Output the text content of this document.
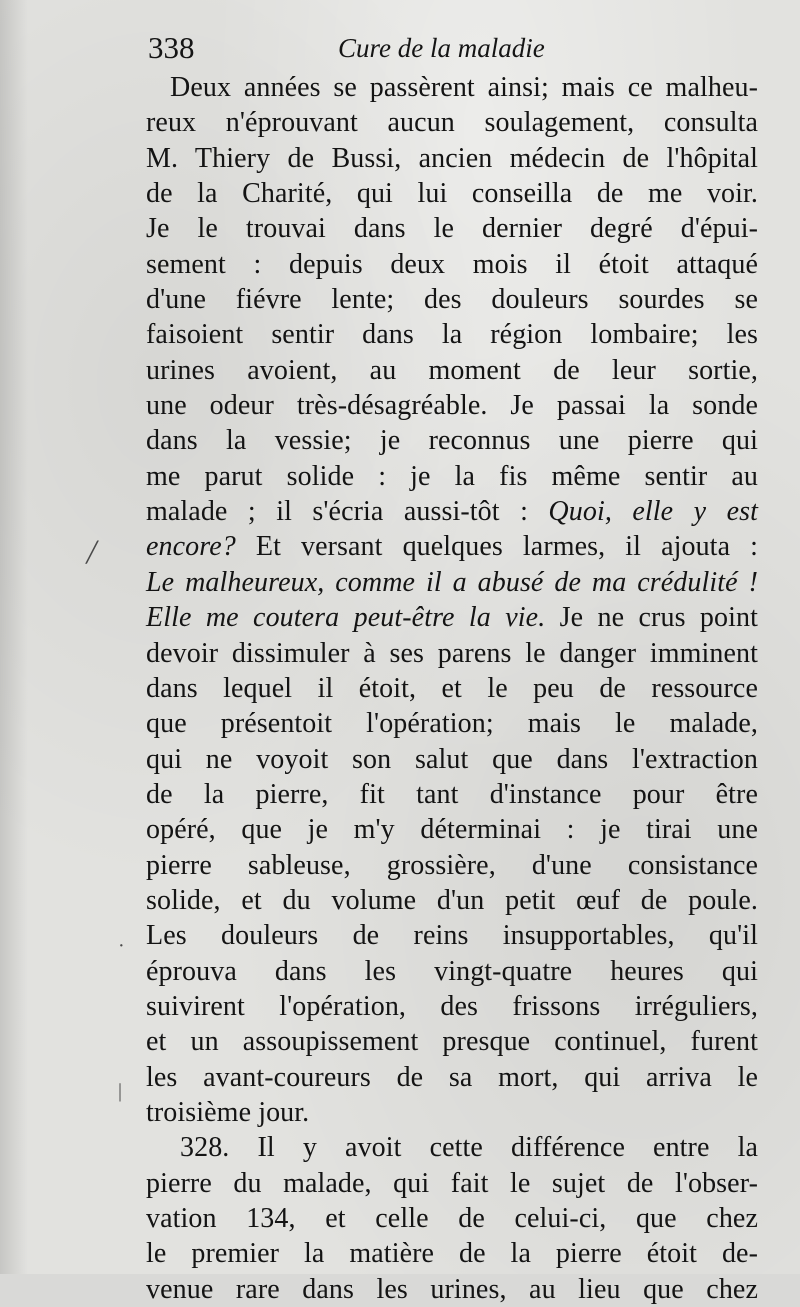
338	Cure de la maladie
Deux années se passèrent ainsi; mais ce malheu-
reux n'éprouvant aucun soulagement, consulta
M. Thiery de Bussi, ancien médecin de l'hôpital
de la Charité, qui lui conseilla de me voir.
Je le trouvai dans le dernier degré d'épui-
sement : depuis deux mois il étoit attaqué
d'une fiévre lente; des douleurs sourdes se
faisoient sentir dans la région lombaire; les
urines avoient, au moment de leur sortie,
une odeur très-désagréable. Je passai la sonde
dans la vessie; je reconnus une pierre qui
me parut solide : je la fis même sentir au
malade ; il s'écria aussi-tôt : Quoi, elle y est
encore? Et versant quelques larmes, il ajouta :
Le malheureux, comme il a abusé de ma crédulité !
Elle me coutera peut-être la vie. Je ne crus point
devoir dissimuler à ses parens le danger imminent
dans lequel il étoit, et le peu de ressource
que présentoit l'opération; mais le malade,
qui ne voyoit son salut que dans l'extraction
de la pierre, fit tant d'instance pour être
opéré, que je m'y déterminai : je tirai une
pierre sableuse, grossière, d'une consistance
solide, et du volume d'un petit œuf de poule.
Les douleurs de reins insupportables, qu'il
éprouva dans les vingt-quatre heures qui
suivirent l'opération, des frissons irréguliers,
et un assoupissement presque continuel, furent
les avant-coureurs de sa mort, qui arriva le
troisième jour.
328. Il y avoit cette différence entre la
pierre du malade, qui fait le sujet de l'obser-
vation 134, et celle de celui-ci, que chez
le premier la matière de la pierre étoit de-
venue rare dans les urines, au lieu que chez
╱
·
|
